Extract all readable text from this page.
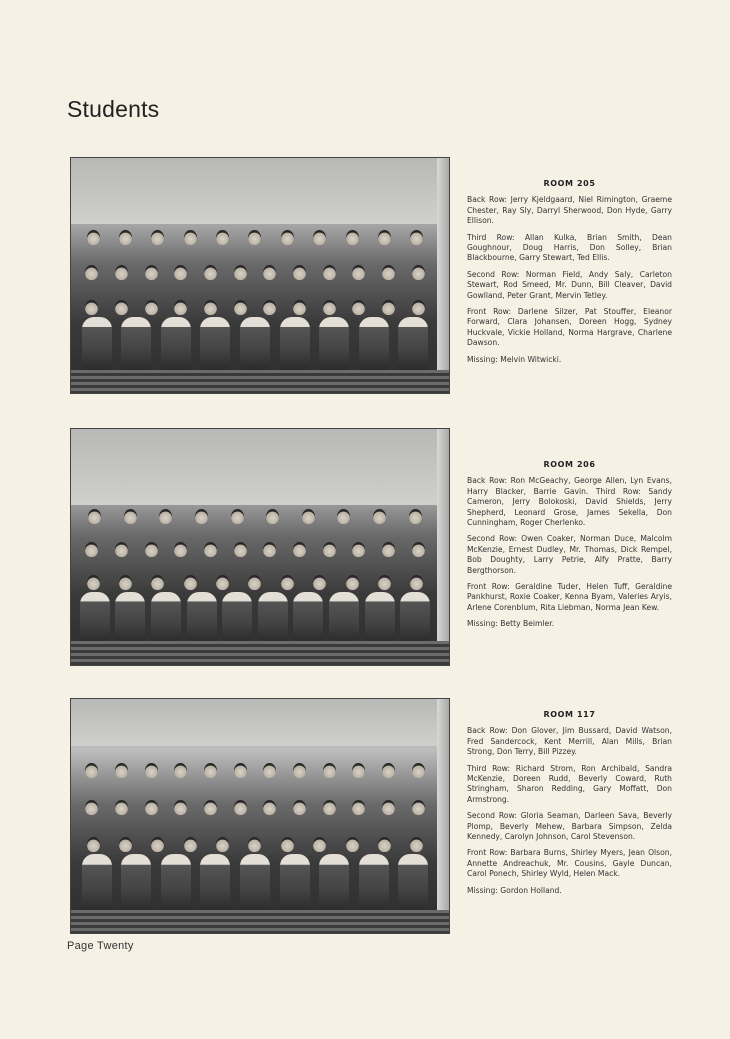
Students
ROOM 205

Back Row: Jerry Kjeldgaard, Niel Rimington, Graeme Chester, Ray Sly, Darryl Sherwood, Don Hyde, Garry Ellison.

Third Row: Allan Kulka, Brian Smith, Dean Goughnour, Doug Harris, Don Solley, Brian Blackbourne, Garry Stewart, Ted Ellis.

Second Row: Norman Field, Andy Saly, Carleton Stewart, Rod Smeed, Mr. Dunn, Bill Cleaver, David Gowlland, Peter Grant, Mervin Tetley.

Front Row: Darlene Silzer, Pat Stouffer, Eleanor Forward, Clara Johansen, Doreen Hogg, Sydney Huckvale, Vickie Holland, Norma Hargrave, Charlene Dawson.

Missing: Melvin Witwicki.

ROOM 206

Back Row: Ron McGeachy, George Allen, Lyn Evans, Harry Blacker, Barrie Gavin. Third Row: Sandy Cameron, Jerry Bolokoski, David Shields, Jerry Shepherd, Leonard Grose, James Sekella, Don Cunningham, Roger Cherlenko.

Second Row: Owen Coaker, Norman Duce, Malcolm McKenzie, Ernest Dudley, Mr. Thomas, Dick Rempel, Bob Doughty, Larry Petrie, Alfy Pratte, Barry Bergthorson.

Front Row: Geraldine Tuder, Helen Tuff, Geraldine Pankhurst, Roxie Coaker, Kenna Byam, Valeries Aryis, Arlene Corenblum, Rita Liebman, Norma Jean Kew.

Missing: Betty Beimler.

ROOM 117

Back Row: Don Glover, Jim Bussard, David Watson, Fred Sandercock, Kent Merrill, Alan Mills, Brian Strong, Don Terry, Bill Pizzey.

Third Row: Richard Strom, Ron Archibald, Sandra McKenzie, Doreen Rudd, Beverly Coward, Ruth Stringham, Sharon Redding, Gary Moffatt, Don Armstrong.

Second Row: Gloria Seaman, Darleen Sava, Beverly Plomp, Beverly Mehew, Barbara Simpson, Zelda Kennedy, Carolyn Johnson, Carol Stevenson.

Front Row: Barbara Burns, Shirley Myers, Jean Olson, Annette Andreachuk, Mr. Cousins, Gayle Duncan, Carol Ponech, Shirley Wyld, Helen Mack.

Missing: Gordon Holland.

Page Twenty
